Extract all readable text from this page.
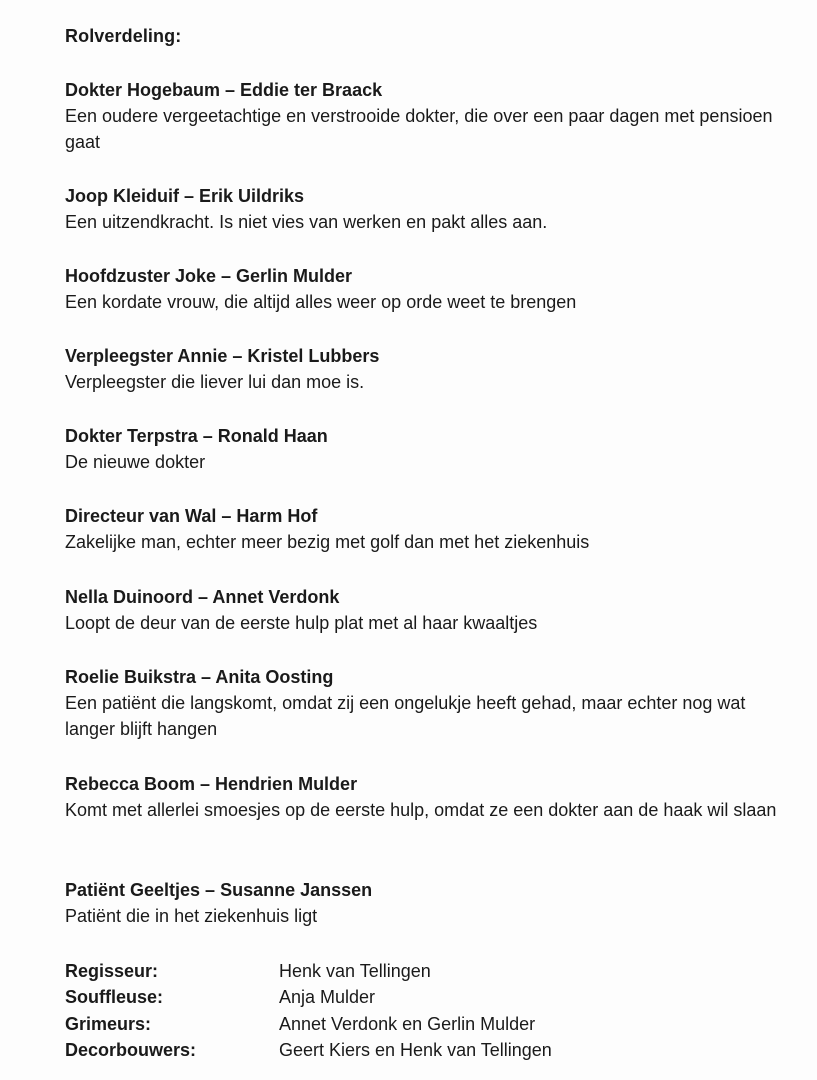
Rolverdeling:
Dokter Hogebaum – Eddie ter Braack
Een oudere vergeetachtige en verstrooide dokter, die over een paar dagen met pensioen gaat
Joop Kleiduif – Erik Uildriks
Een uitzendkracht. Is niet vies van werken en pakt alles aan.
Hoofdzuster Joke – Gerlin Mulder
Een kordate vrouw, die altijd alles weer op orde weet te brengen
Verpleegster Annie – Kristel Lubbers
Verpleegster die liever lui dan moe is.
Dokter Terpstra – Ronald Haan
De nieuwe dokter
Directeur van Wal – Harm Hof
Zakelijke man, echter meer bezig met golf dan met het ziekenhuis
Nella Duinoord – Annet Verdonk
Loopt de deur van de eerste hulp plat met al haar kwaaltjes
Roelie Buikstra – Anita Oosting
Een patiënt die langskomt, omdat zij een ongelukje heeft gehad, maar echter nog wat langer blijft hangen
Rebecca Boom – Hendrien Mulder
Komt met allerlei smoesjes op de eerste hulp, omdat ze een dokter aan de haak wil slaan
Patiënt Geeltjes – Susanne Janssen
Patiënt die in het ziekenhuis ligt
Regisseur:	Henk van Tellingen
Souffleuse:	Anja Mulder
Grimeurs:	Annet Verdonk en Gerlin Mulder
Decorbouwers:	Geert Kiers en Henk van Tellingen
